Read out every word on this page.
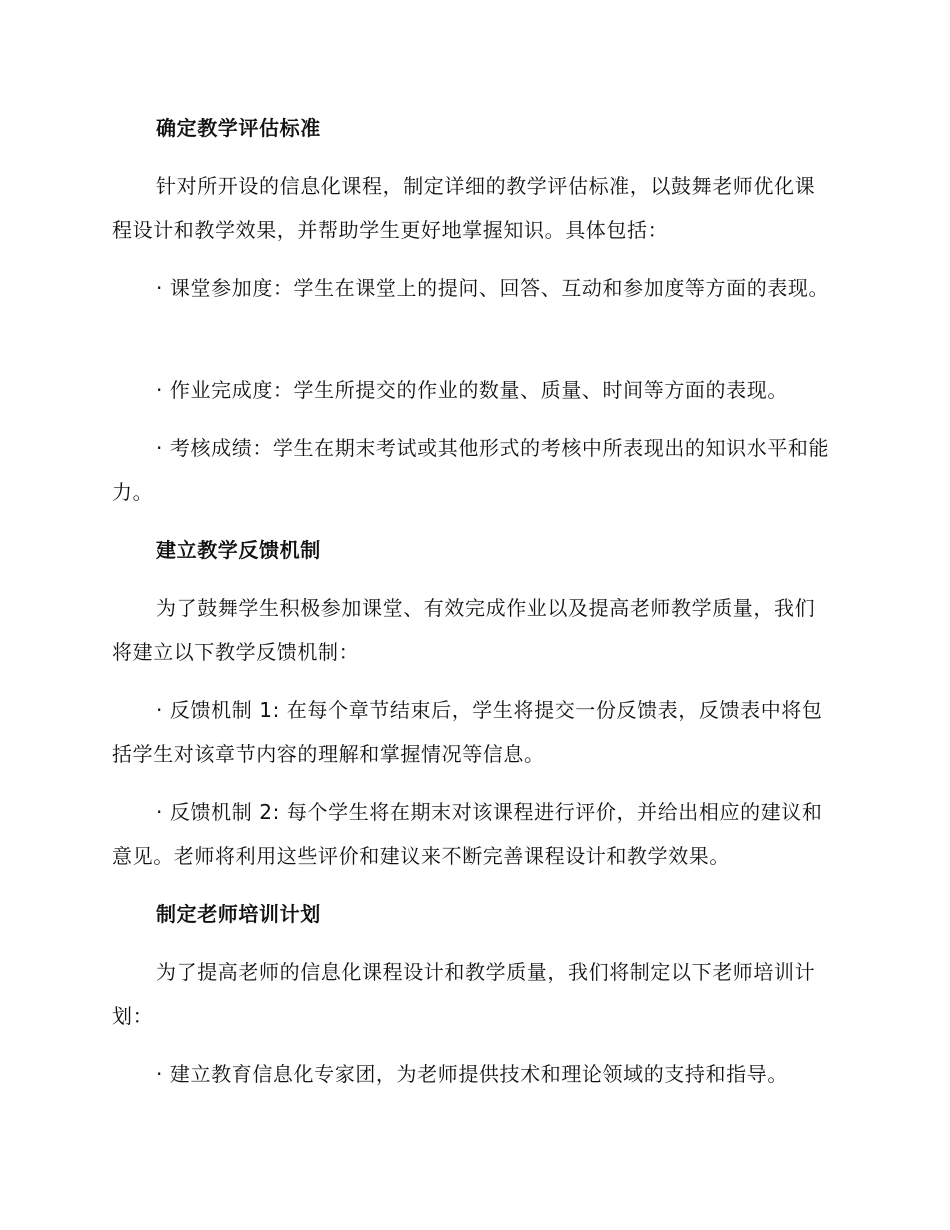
确定教学评估标准

针对所开设的信息化课程，制定详细的教学评估标准，以鼓舞老师优化课程设计和教学效果，并帮助学生更好地掌握知识。具体包括：

· 课堂参加度：学生在课堂上的提问、回答、互动和参加度等方面的表现。

· 作业完成度：学生所提交的作业的数量、质量、时间等方面的表现。

· 考核成绩：学生在期末考试或其他形式的考核中所表现出的知识水平和能力。

建立教学反馈机制

为了鼓舞学生积极参加课堂、有效完成作业以及提高老师教学质量，我们将建立以下教学反馈机制：

· 反馈机制 1: 在每个章节结束后，学生将提交一份反馈表，反馈表中将包括学生对该章节内容的理解和掌握情况等信息。

· 反馈机制 2: 每个学生将在期末对该课程进行评价，并给出相应的建议和意见。老师将利用这些评价和建议来不断完善课程设计和教学效果。

制定老师培训计划

为了提高老师的信息化课程设计和教学质量，我们将制定以下老师培训计划：

· 建立教育信息化专家团，为老师提供技术和理论领域的支持和指导。
